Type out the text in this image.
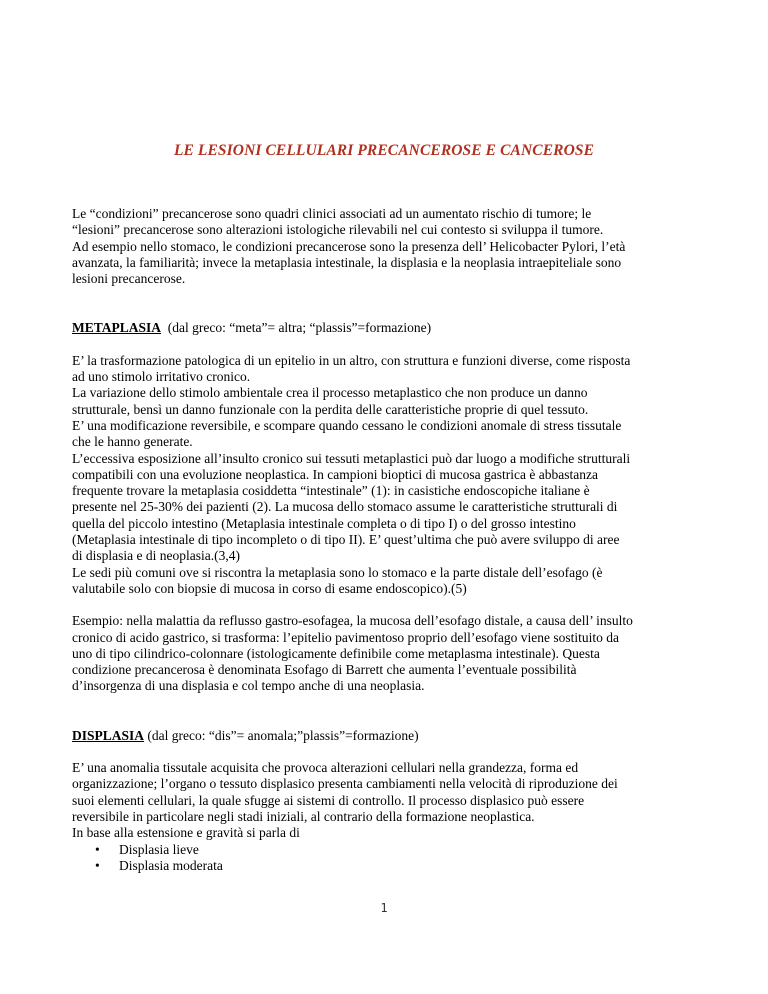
LE LESIONI CELLULARI PRECANCEROSE E CANCEROSE
Le “condizioni” precancerose sono quadri clinici associati ad un aumentato rischio di tumore; le
“lesioni” precancerose sono alterazioni istologiche rilevabili nel cui contesto si sviluppa il tumore.
Ad esempio nello stomaco, le condizioni precancerose sono la presenza dell’ Helicobacter Pylori, l’età
avanzata, la familiarità; invece la metaplasia intestinale, la displasia e la neoplasia intraepiteliale sono
lesioni precancerose.
METAPLASIA  (dal greco: “meta”= altra; “plassis”=formazione)
E’ la trasformazione patologica di un epitelio in un altro, con struttura e funzioni diverse, come risposta
ad uno stimolo irritativo cronico.
La variazione dello stimolo ambientale crea il processo metaplastico che non produce un danno
strutturale, bensì un danno funzionale con la perdita delle caratteristiche proprie di quel tessuto.
E’ una modificazione reversibile, e scompare quando cessano le condizioni anomale di stress tissutale
che le hanno generate.
L’eccessiva esposizione all’insulto cronico sui tessuti metaplastici può dar luogo a modifiche strutturali
compatibili con una evoluzione neoplastica. In campioni bioptici di mucosa gastrica è abbastanza
frequente trovare la metaplasia cosiddetta “intestinale” (1): in casistiche endoscopiche italiane è
presente nel 25-30% dei pazienti (2). La mucosa dello stomaco assume le caratteristiche strutturali di
quella del piccolo intestino (Metaplasia intestinale completa o di tipo I) o del grosso intestino
(Metaplasia intestinale di tipo incompleto o di tipo II). E’ quest’ultima che può avere sviluppo di aree
di displasia e di neoplasia.(3,4)
Le sedi più comuni ove si riscontra la metaplasia sono lo stomaco e la parte distale dell’esofago (è
valutabile solo con biopsie di mucosa in corso di esame endoscopico).(5)
Esempio: nella malattia da reflusso gastro-esofagea, la mucosa dell’esofago distale, a causa dell’ insulto
cronico di acido gastrico, si trasforma: l’epitelio pavimentoso proprio dell’esofago viene sostituito da
uno di tipo cilindrico-colonnare (istologicamente definibile come metaplasma intestinale). Questa
condizione precancerosa è denominata Esofago di Barrett che aumenta l’eventuale possibilità
d’insorgenza di una displasia e col tempo anche di una neoplasia.
DISPLASIA (dal greco: “dis”= anomala;”plassis”=formazione)
E’ una anomalia tissutale acquisita che provoca alterazioni cellulari nella grandezza, forma ed
organizzazione; l’organo o tessuto displasico presenta cambiamenti nella velocità di riproduzione dei
suoi elementi cellulari, la quale sfugge ai sistemi di controllo. Il processo displasico può essere
reversibile in particolare negli stadi iniziali, al contrario della formazione neoplastica.
In base alla estensione e gravità si parla di
• Displasia lieve
• Displasia moderata
1
